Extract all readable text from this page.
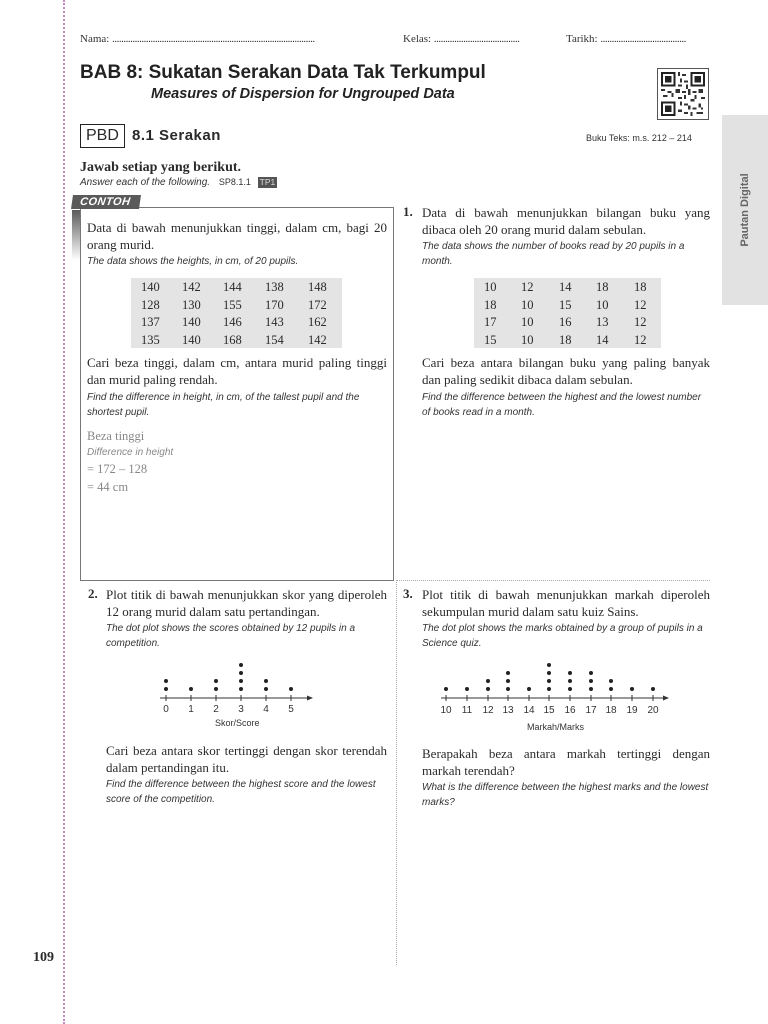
Nama: ..........................................................................................	Kelas: ......................................	Tarikh: ......................................
BAB 8: Sukatan Serakan Data Tak Terkumpul
Measures of Dispersion for Ungrouped Data
PBD 8.1 Serakan	Buku Teks: m.s. 212 – 214
Pautan Digital
Jawab setiap yang berikut.
Answer each of the following. SP8.1.1 TP1
CONTOH
Data di bawah menunjukkan tinggi, dalam cm, bagi 20 orang murid.
The data shows the heights, in cm, of 20 pupils.
140	142	144	138	148
128	130	155	170	172
137	140	146	143	162
135	140	168	154	142
Cari beza tinggi, dalam cm, antara murid paling tinggi dan murid paling rendah.
Find the difference in height, in cm, of the tallest pupil and the shortest pupil.
Beza tinggi
Difference in height
= 172 – 128
= 44 cm
1. Data di bawah menunjukkan bilangan buku yang dibaca oleh 20 orang murid dalam sebulan.
The data shows the number of books read by 20 pupils in a month.
10	12	14	18	18
18	10	15	10	12
17	10	16	13	12
15	10	18	14	12
Cari beza antara bilangan buku yang paling banyak dan paling sedikit dibaca dalam sebulan.
Find the difference between the highest and the lowest number of books read in a month.
2. Plot titik di bawah menunjukkan skor yang diperoleh 12 orang murid dalam satu pertandingan.
The dot plot shows the scores obtained by 12 pupils in a competition.
0 1 2 3 4 5
Skor/Score
Cari beza antara skor tertinggi dengan skor terendah dalam pertandingan itu.
Find the difference between the highest score and the lowest score of the competition.
3. Plot titik di bawah menunjukkan markah diperoleh sekumpulan murid dalam satu kuiz Sains.
The dot plot shows the marks obtained by a group of pupils in a Science quiz.
10 11 12 13 14 15 16 17 18 19 20
Markah/Marks
Berapakah beza antara markah tertinggi dengan markah terendah?
What is the difference between the highest marks and the lowest marks?
109
